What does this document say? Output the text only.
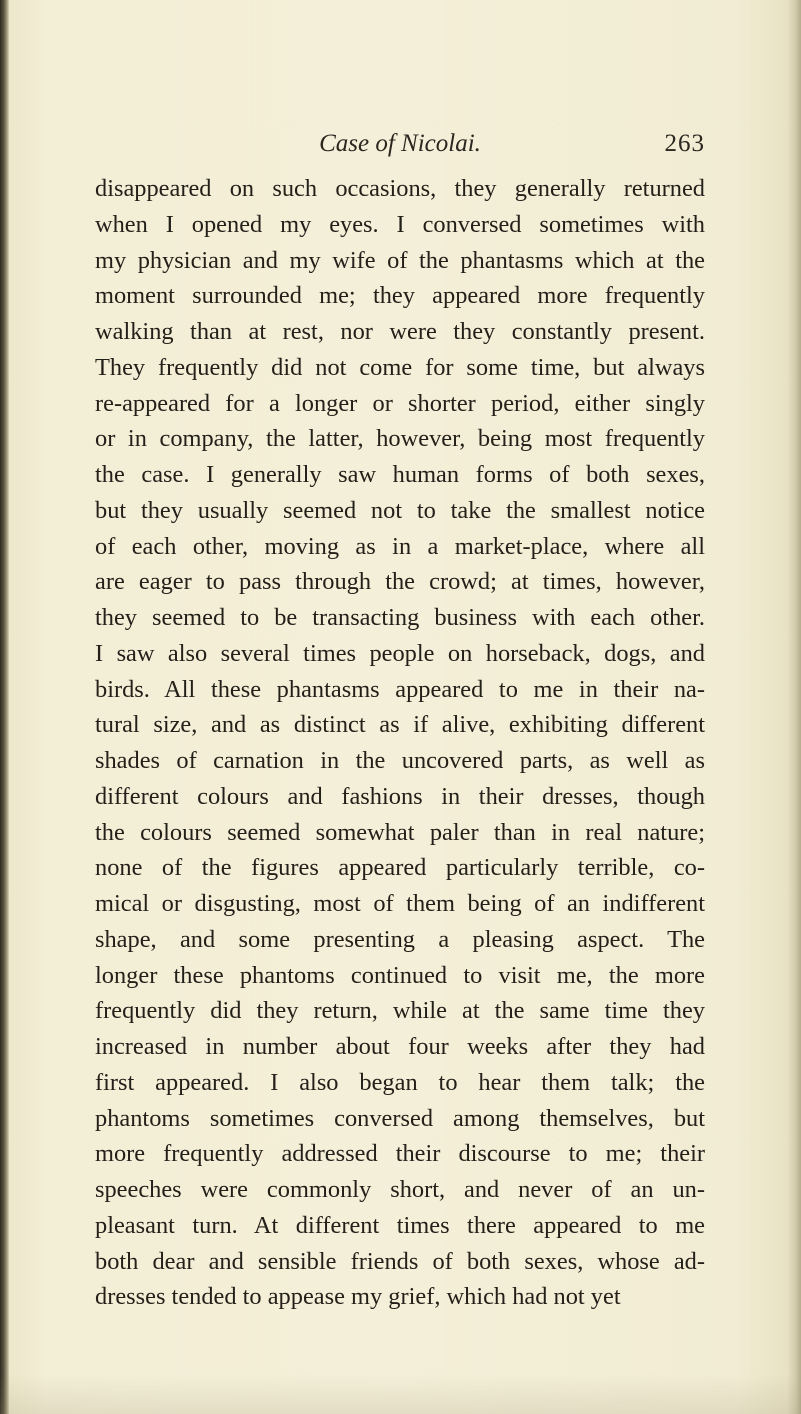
Case of Nicolai.	263
disappeared on such occasions, they generally returned
when I opened my eyes. I conversed sometimes with
my physician and my wife of the phantasms which at the
moment surrounded me; they appeared more frequently
walking than at rest, nor were they constantly present.
They frequently did not come for some time, but always
re-appeared for a longer or shorter period, either singly
or in company, the latter, however, being most frequently
the case. I generally saw human forms of both sexes,
but they usually seemed not to take the smallest notice
of each other, moving as in a market-place, where all
are eager to pass through the crowd; at times, however,
they seemed to be transacting business with each other.
I saw also several times people on horseback, dogs, and
birds. All these phantasms appeared to me in their na-
tural size, and as distinct as if alive, exhibiting different
shades of carnation in the uncovered parts, as well as
different colours and fashions in their dresses, though
the colours seemed somewhat paler than in real nature;
none of the figures appeared particularly terrible, co-
mical or disgusting, most of them being of an indifferent
shape, and some presenting a pleasing aspect. The
longer these phantoms continued to visit me, the more
frequently did they return, while at the same time they
increased in number about four weeks after they had
first appeared. I also began to hear them talk; the
phantoms sometimes conversed among themselves, but
more frequently addressed their discourse to me; their
speeches were commonly short, and never of an un-
pleasant turn. At different times there appeared to me
both dear and sensible friends of both sexes, whose ad-
dresses tended to appease my grief, which had not yet
